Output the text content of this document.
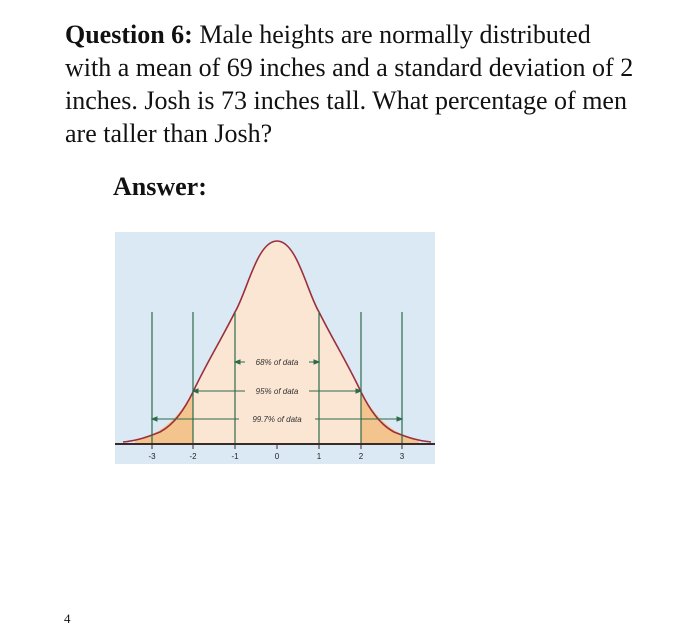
Question 6: Male heights are normally distributed with a mean of 69 inches and a standard deviation of 2 inches. Josh is 73 inches tall. What percentage of men are taller than Josh?
Answer:
68% of data
95% of data
99.7% of data
-3	-2	-1	0	1	2	3
4
